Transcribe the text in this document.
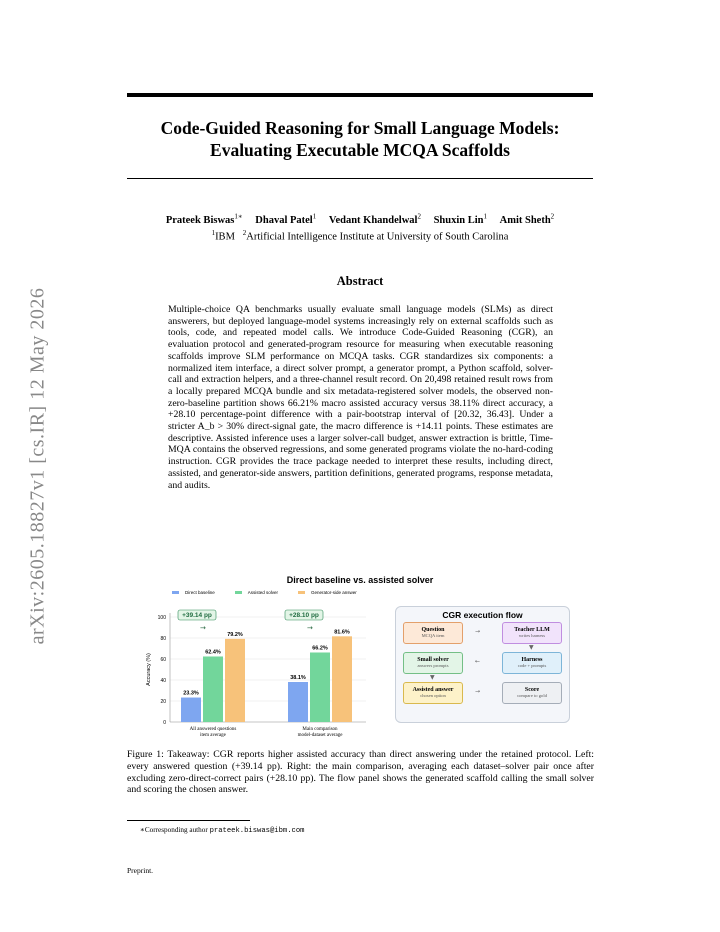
arXiv:2605.18827v1 [cs.IR] 12 May 2026
Code-Guided Reasoning for Small Language Models:
Evaluating Executable MCQA Scaffolds
Prateek Biswas$^{1∗}$ Dhaval Patel$^1$ Vedant Khandelwal$^2$ Shuxin Lin$^1$ Amit Sheth$^2$
$^1$IBM $^2$Artificial Intelligence Institute at University of South Carolina
Abstract
Multiple-choice QA benchmarks usually evaluate small language models (SLMs) as direct answerers, but deployed language-model systems increasingly rely on external scaffolds such as tools, code, and repeated model calls. We introduce Code-Guided Reasoning (CGR), an evaluation protocol and generated-program resource for measuring when executable reasoning scaffolds improve SLM performance on MCQA tasks. CGR standardizes six components: a normalized item interface, a direct solver prompt, a generator prompt, a Python scaffold, solver-call and extraction helpers, and a three-channel result record. On 20,498 retained result rows from a locally prepared MCQA bundle and six metadata-registered solver models, the observed non-zero-baseline partition shows 66.21% macro assisted accuracy versus 38.11% direct accuracy, a +28.10 percentage-point difference with a pair-bootstrap interval of [20.32, 36.43]. Under a stricter A_b > 30% direct-signal gate, the macro difference is +14.11 points. These estimates are descriptive. Assisted inference uses a larger solver-call budget, answer extraction is brittle, Time-MQA contains the observed regressions, and some generated programs violate the no-hard-coding instruction. CGR provides the trace package needed to interpret these results, including direct, assisted, and generator-side answers, partition definitions, generated programs, response metadata, and audits.
Direct baseline vs. assisted solver
Direct baseline	Assisted solver	Generator-side answer
0
20
40
60
80
100
Accuracy (%)
23.3%
62.4%
79.2%
All answered questions
item average
+39.14 pp
→
38.1%
66.2%
81.6%
Main comparison
model-dataset average
+28.10 pp
→
CGR execution flow
Question
MCQA item
Teacher LLM
writes harness
Small solver
answers prompts
Harness
code + prompts
Assisted answer
chosen option
Score
compare to gold
→
▼
←
▼
→
Figure 1: Takeaway: CGR reports higher assisted accuracy than direct answering under the retained protocol. Left: every answered question (+39.14 pp). Right: the main comparison, averaging each dataset–solver pair once after excluding zero-direct-correct pairs (+28.10 pp). The flow panel shows the generated scaffold calling the small solver and scoring the chosen answer.
∗Corresponding author prateek.biswas@ibm.com
Preprint.
